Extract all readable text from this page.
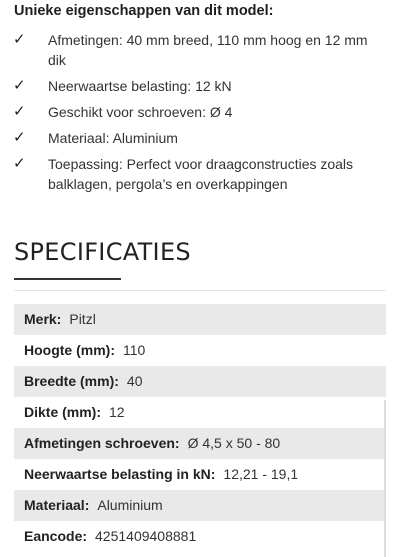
Unieke eigenschappen van dit model:
✓ Afmetingen: 40 mm breed, 110 mm hoog en 12 mm dik
✓ Neerwaartse belasting: 12 kN
✓ Geschikt voor schroeven: Ø 4
✓ Materiaal: Aluminium
✓ Toepassing: Perfect voor draagconstructies zoals balklagen, pergola’s en overkappingen
SPECIFICATIES
Merk: Pitzl
Hoogte (mm): 110
Breedte (mm): 40
Dikte (mm): 12
Afmetingen schroeven: Ø 4,5 x 50 - 80
Neerwaartse belasting in kN: 12,21 - 19,1
Materiaal: Aluminium
Eancode: 4251409408881
